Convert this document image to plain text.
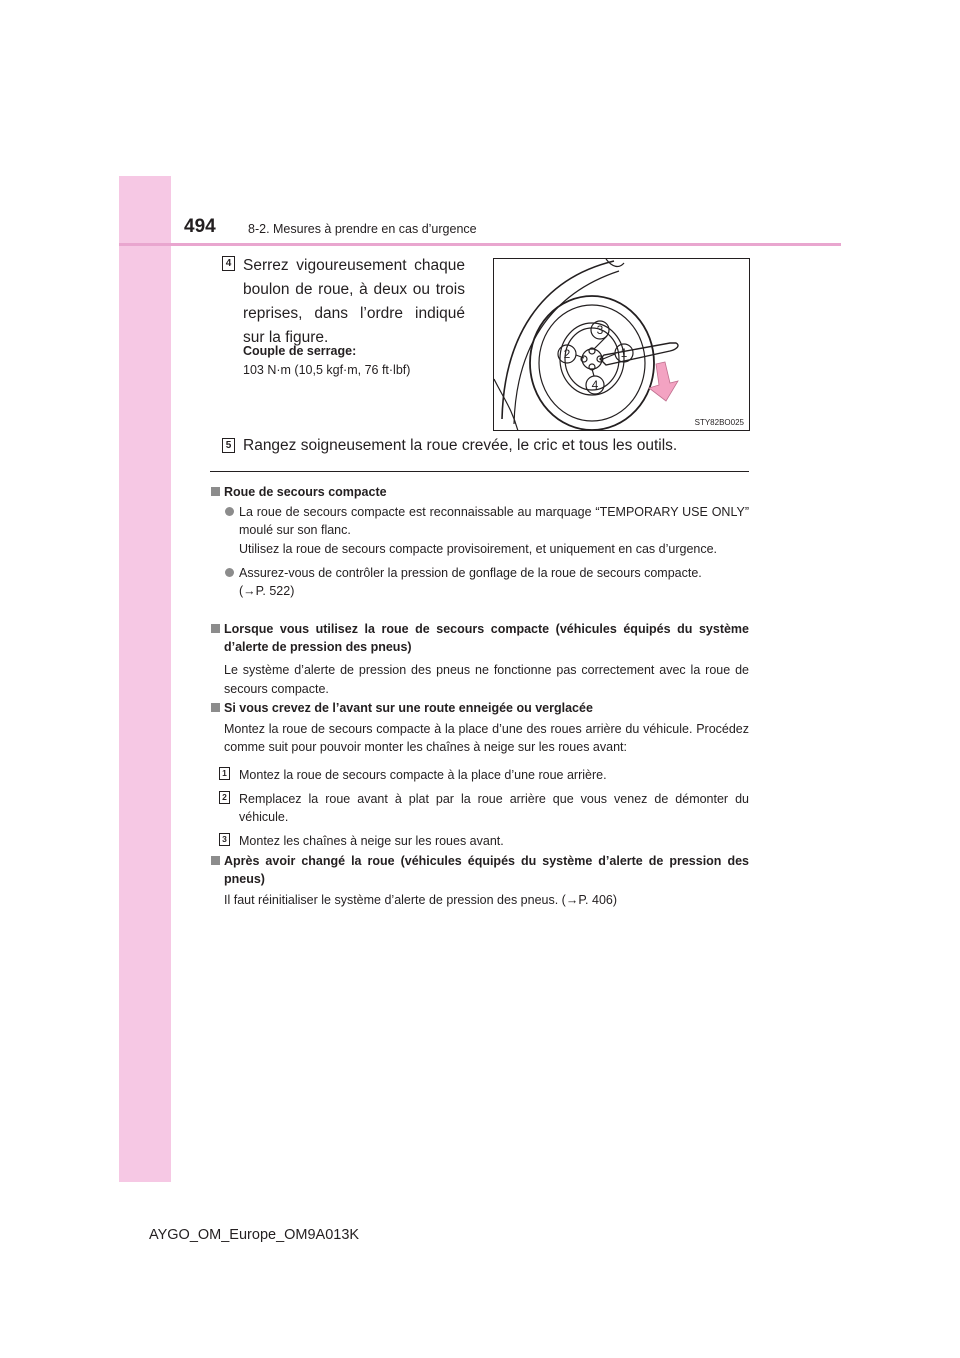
494	8-2. Mesures à prendre en cas d’urgence
4 Serrez vigoureusement chaque boulon de roue, à deux ou trois reprises, dans l’ordre indiqué sur la figure.
Couple de serrage:
103 N·m (10,5 kgf·m, 76 ft·lbf)
1
2
3
4
STY82BO025
5 Rangez soigneusement la roue crevée, le cric et tous les outils.
Roue de secours compacte
La roue de secours compacte est reconnaissable au marquage “TEMPORARY USE ONLY” moulé sur son flanc.
Utilisez la roue de secours compacte provisoirement, et uniquement en cas d’urgence.
Assurez-vous de contrôler la pression de gonflage de la roue de secours compacte.
(→P. 522)
Lorsque vous utilisez la roue de secours compacte (véhicules équipés du système d’alerte de pression des pneus)
Le système d’alerte de pression des pneus ne fonctionne pas correctement avec la roue de secours compacte.
Si vous crevez de l’avant sur une route enneigée ou verglacée
Montez la roue de secours compacte à la place d’une des roues arrière du véhicule. Procédez comme suit pour pouvoir monter les chaînes à neige sur les roues avant:
1 Montez la roue de secours compacte à la place d’une roue arrière.
2 Remplacez la roue avant à plat par la roue arrière que vous venez de démonter du véhicule.
3 Montez les chaînes à neige sur les roues avant.
Après avoir changé la roue (véhicules équipés du système d’alerte de pression des pneus)
Il faut réinitialiser le système d’alerte de pression des pneus. (→P. 406)
AYGO_OM_Europe_OM9A013K
